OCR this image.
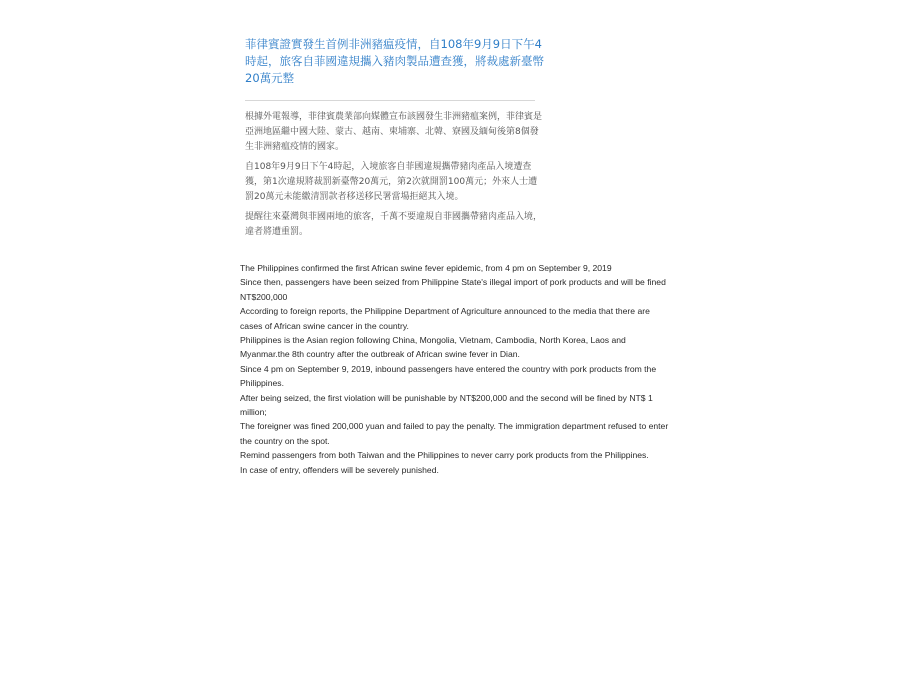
菲律賓證實發生首例非洲豬瘟疫情，自108年9月9日下午4時起，旅客自菲國違規攜入豬肉製品遭查獲，將裁處新臺幣20萬元整

根據外電報導，菲律賓農業部向媒體宣布該國發生非洲豬瘟案例，菲律賓是亞洲地區繼中國大陸、蒙古、越南、柬埔寨、北韓、寮國及緬甸後第8個發生非洲豬瘟疫情的國家。

自108年9月9日下午4時起，入境旅客自菲國違規攜帶豬肉產品入境遭查獲，第1次違規將裁罰新臺幣20萬元，第2次就開罰100萬元；外來人士遭罰20萬元未能繳清罰款者移送移民署當場拒絕其入境。

提醒往來臺灣與菲國兩地的旅客，千萬不要違規自菲國攜帶豬肉產品入境，違者將遭重罰。

The Philippines confirmed the first African swine fever epidemic, from 4 pm on September 9, 2019

Since then, passengers have been seized from Philippine State's illegal import of pork products and will be fined NT$200,000

According to foreign reports, the Philippine Department of Agriculture announced to the media that there are cases of African swine cancer in the country.

Philippines is the Asian region following China, Mongolia, Vietnam, Cambodia, North Korea, Laos and Myanmar.the 8th country after the outbreak of African swine fever in Dian.

Since 4 pm on September 9, 2019, inbound passengers have entered the country with pork products from the Philippines.

After being seized, the first violation will be punishable by NT$200,000 and the second will be fined by NT$ 1 million;

The foreigner was fined 200,000 yuan and failed to pay the penalty. The immigration department refused to enter the country on the spot.

Remind passengers from both Taiwan and the Philippines to never carry pork products from the Philippines.

In case of entry, offenders will be severely punished.
